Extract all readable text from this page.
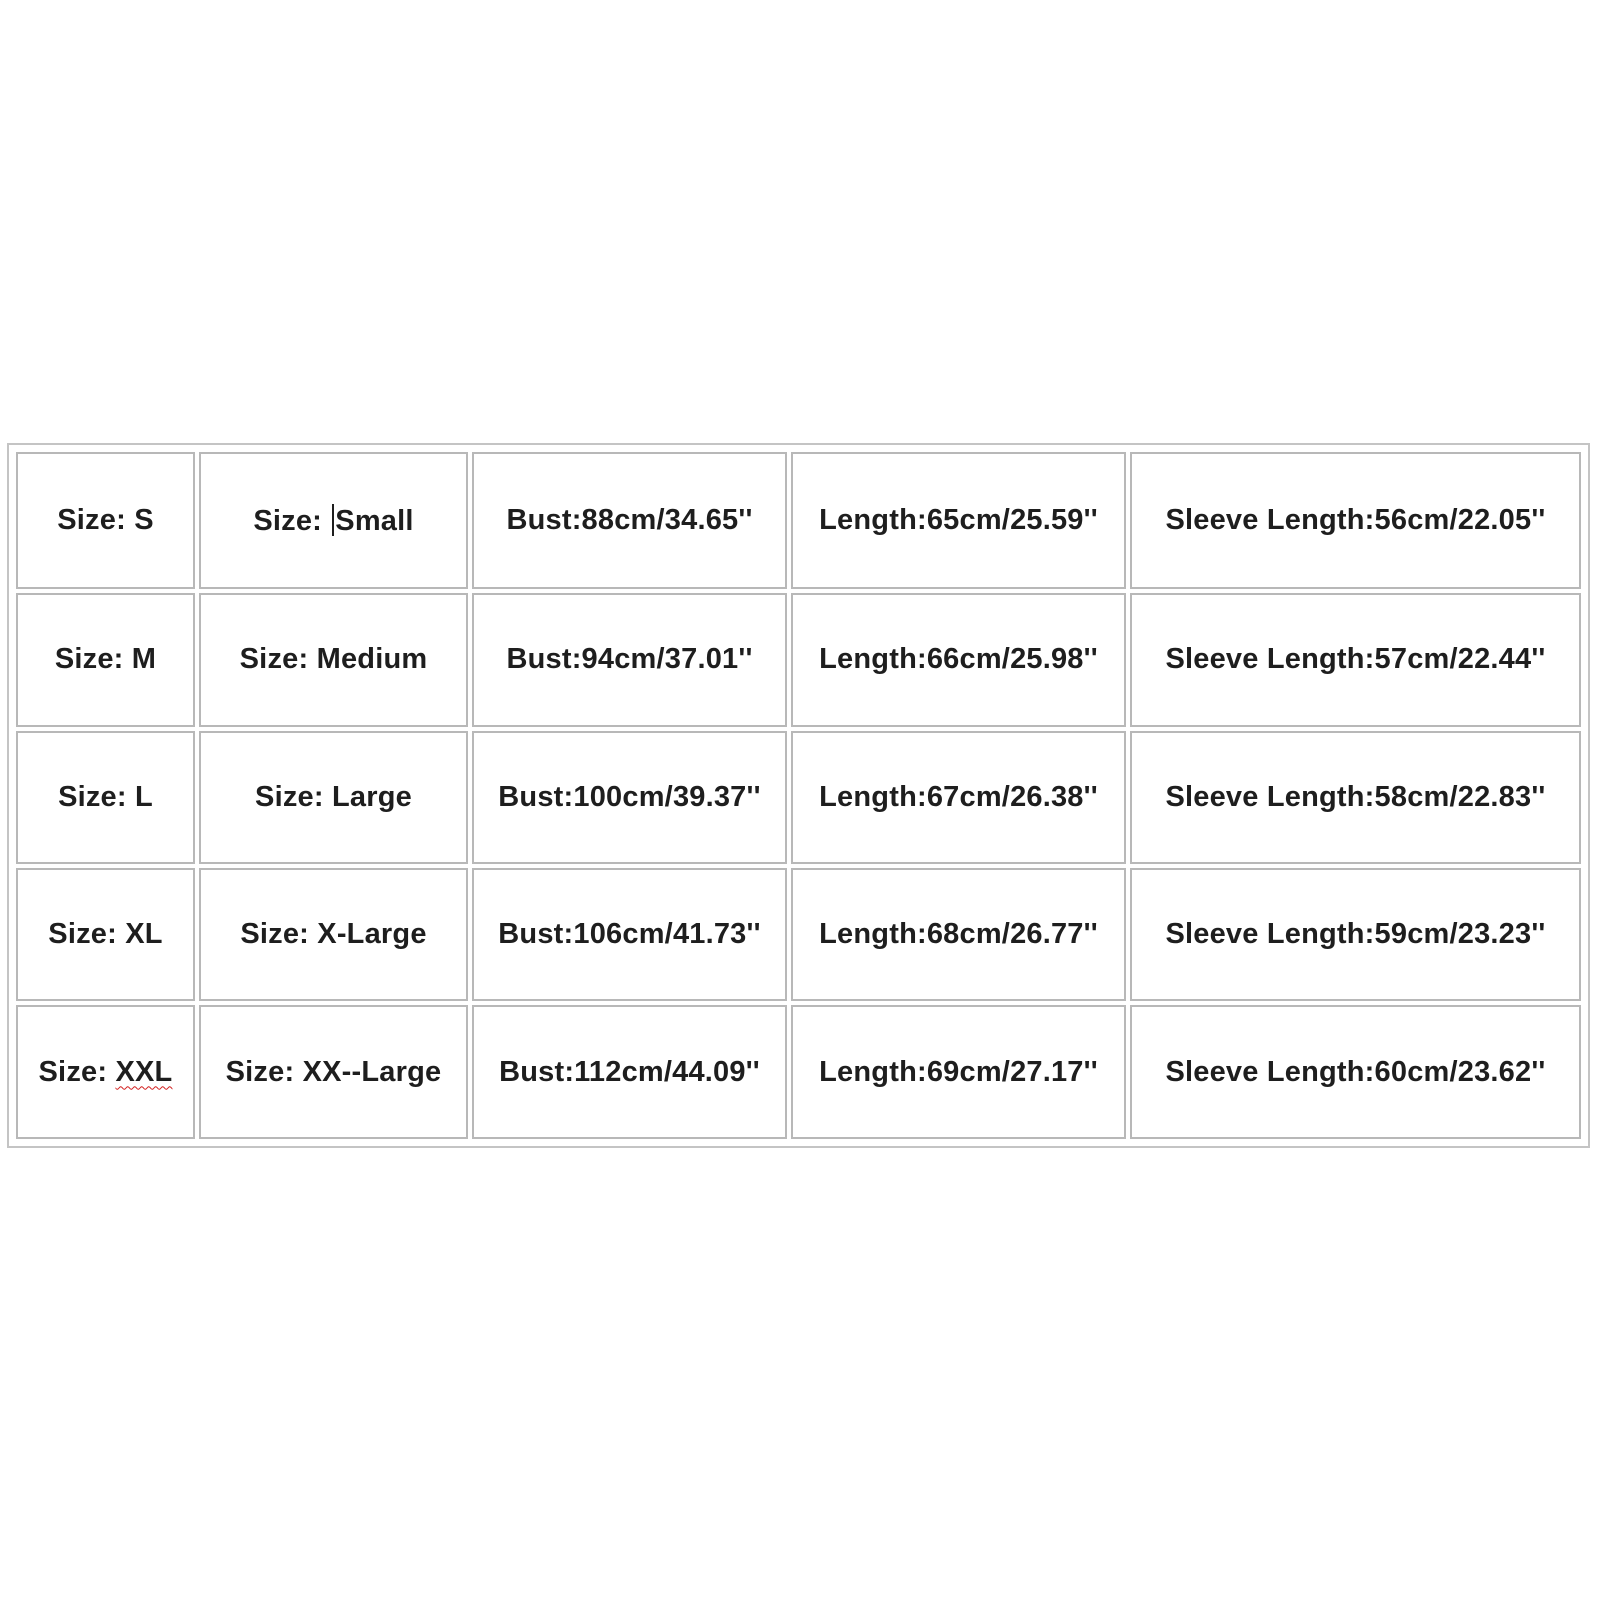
Size: S	Size: Small	Bust:88cm/34.65''	Length:65cm/25.59''	Sleeve Length:56cm/22.05''
Size: M	Size: Medium	Bust:94cm/37.01''	Length:66cm/25.98''	Sleeve Length:57cm/22.44''
Size: L	Size: Large	Bust:100cm/39.37''	Length:67cm/26.38''	Sleeve Length:58cm/22.83''
Size: XL	Size: X-Large	Bust:106cm/41.73''	Length:68cm/26.77''	Sleeve Length:59cm/23.23''
Size: XXL	Size: XX--Large	Bust:112cm/44.09''	Length:69cm/27.17''	Sleeve Length:60cm/23.62''
